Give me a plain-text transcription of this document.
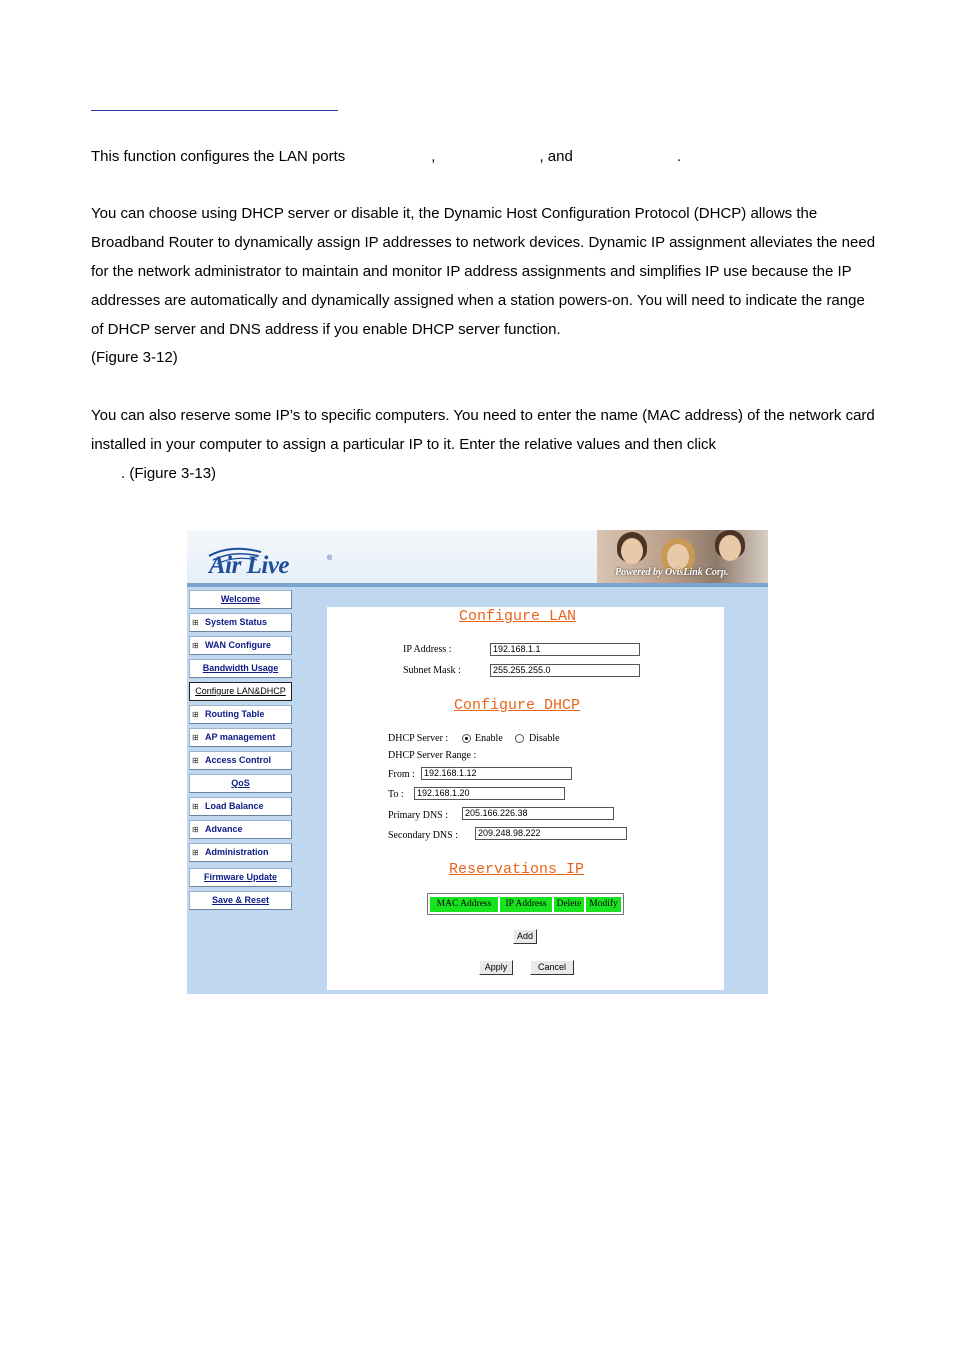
This function configures the LAN ports	,	, and	.
You can choose using DHCP server or disable it, the Dynamic Host Configuration Protocol (DHCP) allows the Broadband Router to dynamically assign IP addresses to network devices. Dynamic IP assignment alleviates the need for the network administrator to maintain and monitor IP address assignments and simplifies IP use because the IP addresses are automatically and dynamically assigned when a station powers-on. You will need to indicate the range of DHCP server and DNS address if you enable DHCP server function.
(Figure 3-12)
You can also reserve some IP’s to specific computers. You need to enter the name (MAC address) of the network card installed in your computer to assign a particular IP to it. Enter the relative values and then click
. (Figure 3-13)
Air Live	®
Powered by OvisLink Corp.
Welcome
⊞ System Status
⊞ WAN Configure
Bandwidth Usage
Configure LAN&DHCP
⊞ Routing Table
⊞ AP management
⊞ Access Control
QoS
⊞ Load Balance
⊞ Advance
⊞ Administration
Firmware Update
Save & Reset
Configure LAN
IP Address :	192.168.1.1
Subnet Mask :	255.255.255.0
Configure DHCP
DHCP Server :	Enable	Disable
DHCP Server Range :
From :	192.168.1.12
To :	192.168.1.20
Primary DNS :	205.166.226.38
Secondary DNS :	209.248.98.222
Reservations IP
MAC Address	IP Address	Delete Modify
Add
Apply	Cancel
